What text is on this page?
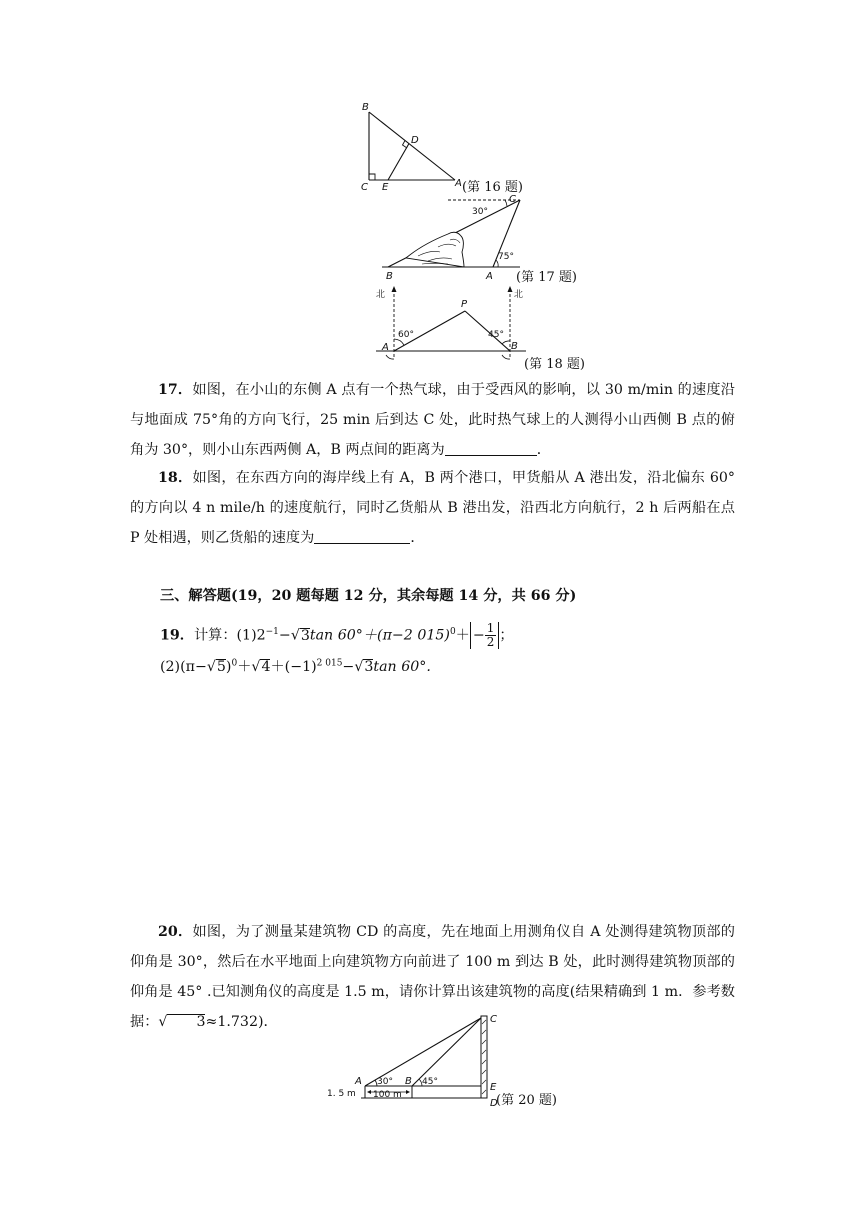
B
D
C E	A (第 16 题)
30°
75°
C
B	A (第 17 题)
北	北
60°	45°
P
A	B
(第 18 题)
17．如图，在小山的东侧 A 点有一个热气球，由于受西风的影响，以 30 m/min 的速度沿与地面成 75°角的方向飞行，25 min 后到达 C 处，此时热气球上的人测得小山西侧 B 点的俯角为 30°，则小山东西两侧 A，B 两点间的距离为	．
18．如图，在东西方向的海岸线上有 A，B 两个港口，甲货船从 A 港出发，沿北偏东 60°的方向以 4 n mile/h 的速度航行，同时乙货船从 B 港出发，沿西北方向航行，2 h 后两船在点 P 处相遇，则乙货船的速度为	．
三、解答题(19，20 题每题 12 分，其余每题 14 分，共 66 分)
19．计算：$(1)2^{-1}-√3\tan$ 60°＋(π−2 $015)^0+ - \frac{1}{2}$ ；
$(2)(\pi-√5)^0+√4+(-1)^{2 015}-√3\tan$ 60°.
20．如图，为了测量某建筑物 CD 的高度，先在地面上用测角仪自 A 处测得建筑物顶部的仰角是 30°，然后在水平地面上向建筑物方向前进了 100 m 到达 B 处，此时测得建筑物顶部的仰角是 45° .已知测角仪的高度是 1.5 m，请你计算出该建筑物的高度(结果精确到 1 m．参考数据：√ 3≈1.732)．
A	B
C
E
D
30°	45°
1. 5 m 100 m	(第 20 题)
